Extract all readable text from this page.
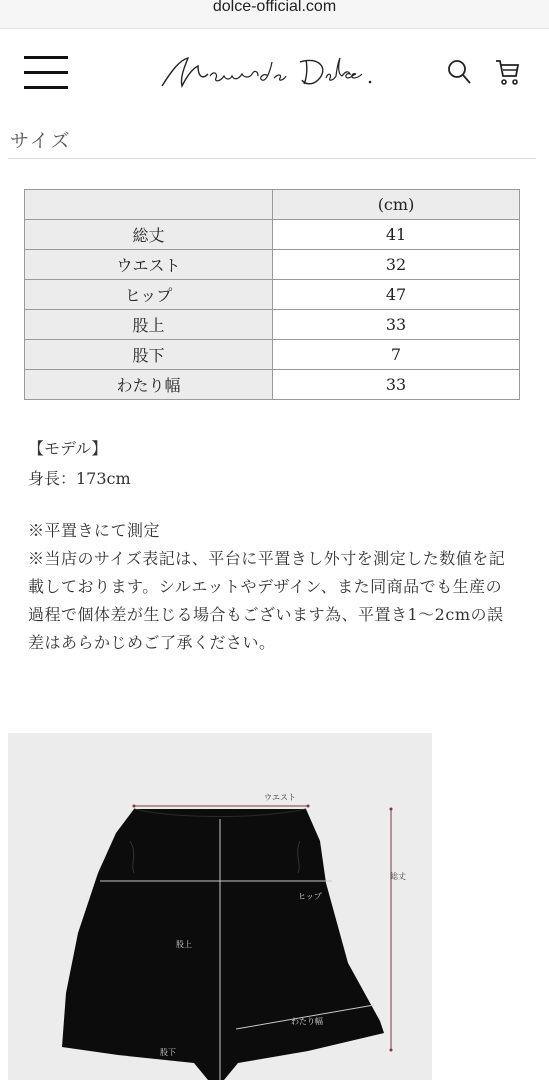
dolce-official.com
サイズ
	(cm)
総丈	41
ウエスト	32
ヒップ	47
股上	33
股下	7
わたり幅	33
【モデル】
身長：173cm

※平置きにて測定

※当店のサイズ表記は、平台に平置きし外寸を測定した数値を記載しております。シルエットやデザイン、また同商品でも生産の過程で個体差が生じる場合もございます為、平置き1〜2cmの誤差はあらかじめご了承ください。

ウエスト
総丈
ヒップ
股上
わたり幅
股下
